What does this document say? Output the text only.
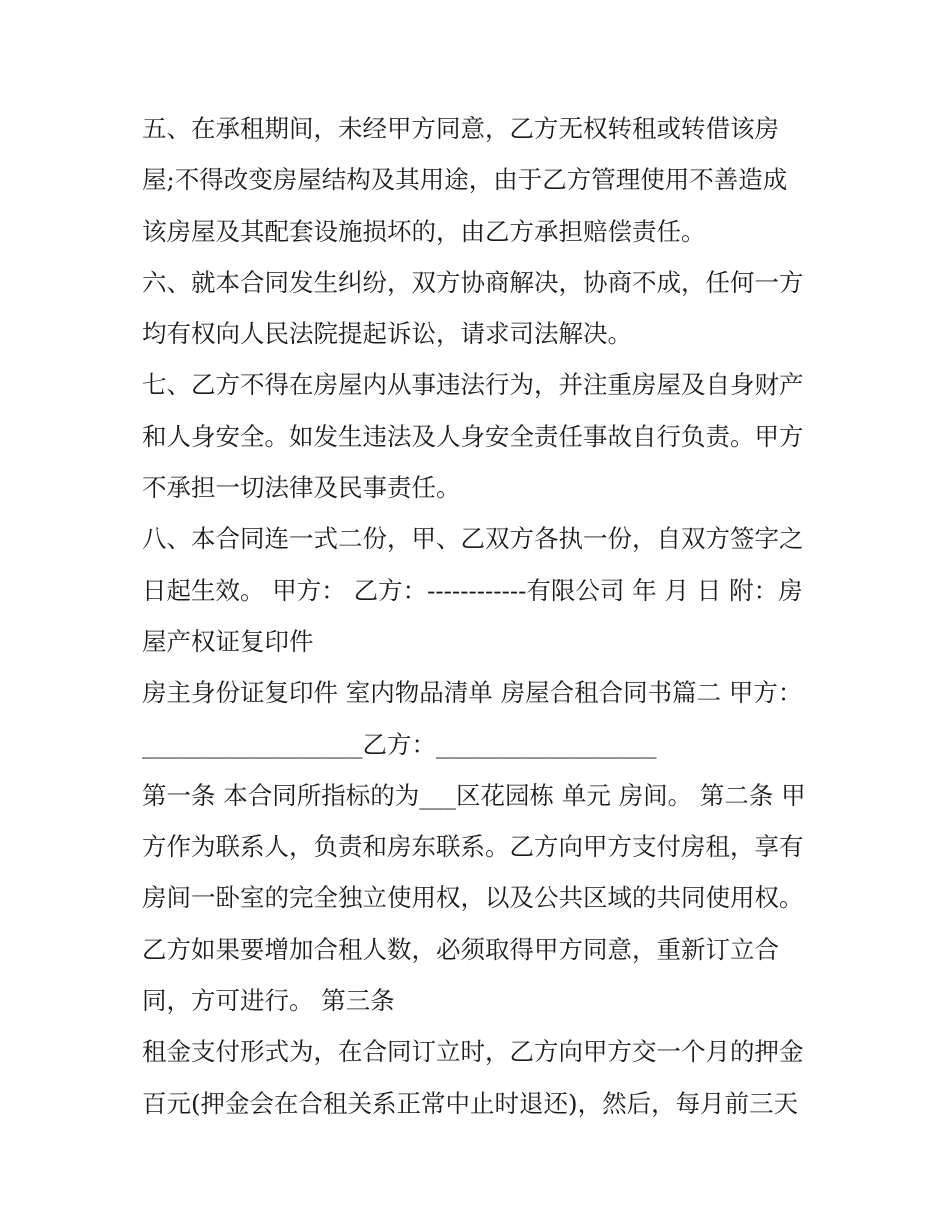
五、在承租期间，未经甲方同意，乙方无权转租或转借该房
屋;不得改变房屋结构及其用途，由于乙方管理使用不善造成
该房屋及其配套设施损坏的，由乙方承担赔偿责任。
六、就本合同发生纠纷，双方协商解决，协商不成，任何一方
均有权向人民法院提起诉讼，请求司法解决。
七、乙方不得在房屋内从事违法行为，并注重房屋及自身财产
和人身安全。如发生违法及人身安全责任事故自行负责。甲方
不承担一切法律及民事责任。
八、本合同连一式二份，甲、乙双方各执一份，自双方签字之
日起生效。 甲方： 乙方：------------有限公司 年 月 日 附：房
屋产权证复印件
房主身份证复印件 室内物品清单 房屋合租合同书篇二 甲方：
__________________乙方：__________________
第一条 本合同所指标的为___区花园栋 单元 房间。 第二条 甲
方作为联系人，负责和房东联系。乙方向甲方支付房租，享有
房间一卧室的完全独立使用权，以及公共区域的共同使用权。
乙方如果要增加合租人数，必须取得甲方同意，重新订立合
同，方可进行。 第三条
租金支付形式为，在合同订立时，乙方向甲方交一个月的押金
百元(押金会在合租关系正常中止时退还)，然后，每月前三天
